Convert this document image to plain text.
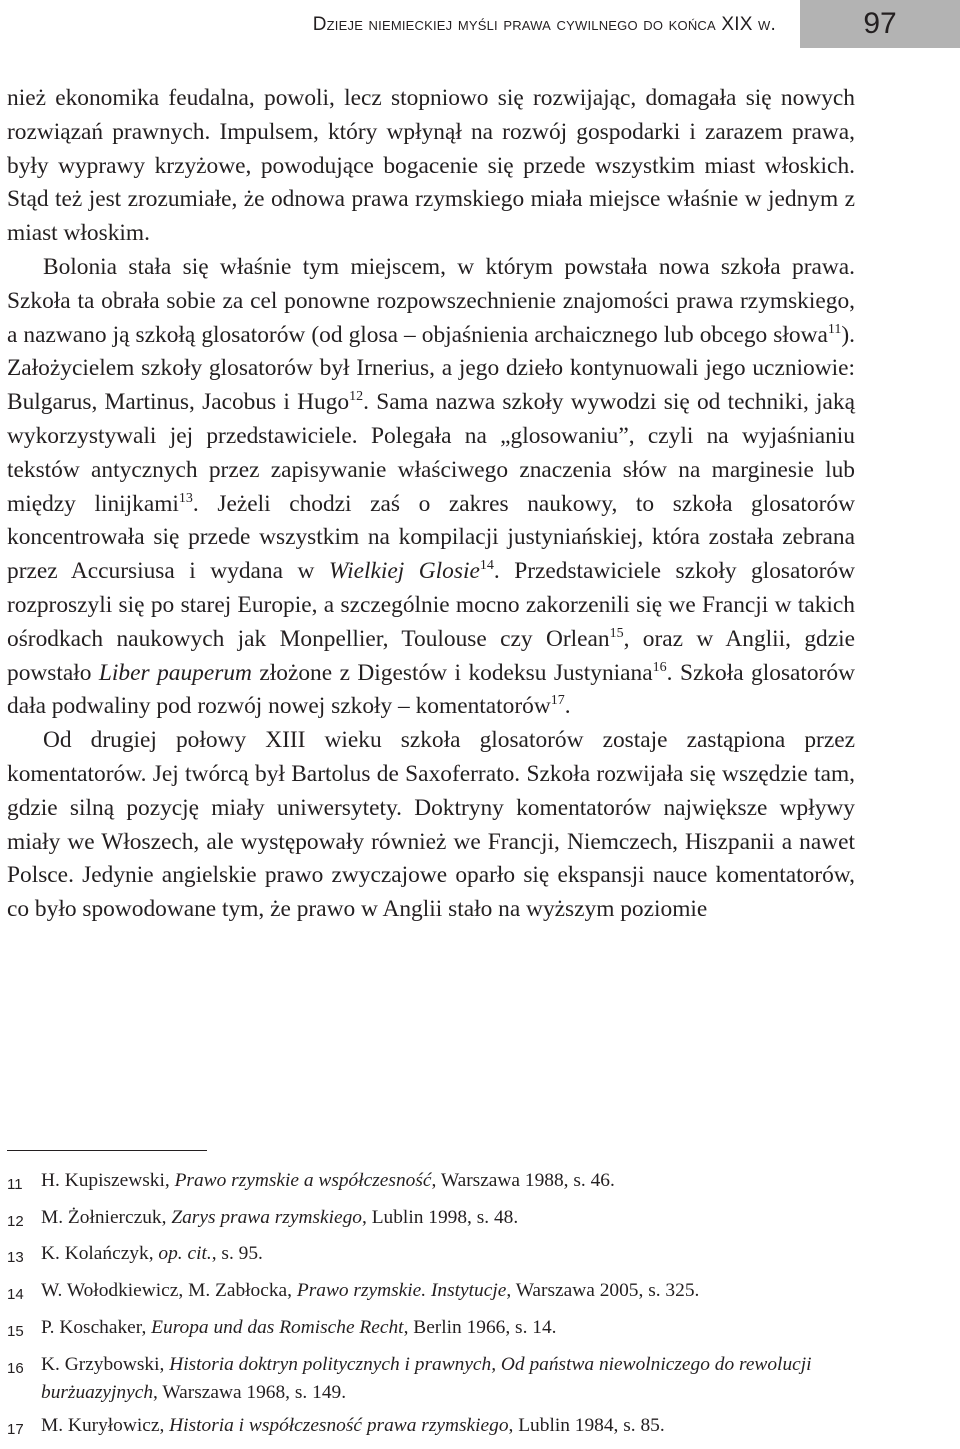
Dzieje niemieckiej myśli prawa cywilnego do końca XIX w.	97

nież ekonomika feudalna, powoli, lecz stopniowo się rozwijając, domagała się nowych rozwiązań prawnych. Impulsem, który wpłynął na rozwój gospodarki i zarazem prawa, były wyprawy krzyżowe, powodujące bogacenie się przede wszystkim miast włoskich. Stąd też jest zrozumiałe, że odnowa prawa rzymskiego miała miejsce właśnie w jednym z miast włoskim.

Bolonia stała się właśnie tym miejscem, w którym powstała nowa szkoła prawa. Szkoła ta obrała sobie za cel ponowne rozpowszechnienie znajomości prawa rzymskiego, a nazwano ją szkołą glosatorów (od glosa – objaśnienia archaicznego lub obcego słowa$^{11}$). Założycielem szkoły glosatorów był Irnerius, a jego dzieło kontynuowali jego uczniowie: Bulgarus, Martinus, Jacobus i Hugo$^{12}$. Sama nazwa szkoły wywodzi się od techniki, jaką wykorzystywali jej przedstawiciele. Polegała na „glosowaniu”, czyli na wyjaśnianiu tekstów antycznych przez zapisywanie właściwego znaczenia słów na marginesie lub między linijkami$^{13}$. Jeżeli chodzi zaś o zakres naukowy, to szkoła glosatorów koncentrowała się przede wszystkim na kompilacji justyniańskiej, która została zebrana przez Accursiusa i wydana w Wielkiej Glosie$^{14}$. Przedstawiciele szkoły glosatorów rozproszyli się po starej Europie, a szczególnie mocno zakorzenili się we Francji w takich ośrodkach naukowych jak Monpellier, Toulouse czy Orlean$^{15}$, oraz w Anglii, gdzie powstało Liber pauperum złożone z Digestów i kodeksu Justyniana$^{16}$. Szkoła glosatorów dała podwaliny pod rozwój nowej szkoły – komentatorów$^{17}$.

Od drugiej połowy XIII wieku szkoła glosatorów zostaje zastąpiona przez komentatorów. Jej twórcą był Bartolus de Saxoferrato. Szkoła rozwijała się wszędzie tam, gdzie silną pozycję miały uniwersytety. Doktryny komentatorów największe wpływy miały we Włoszech, ale występowały również we Francji, Niemczech, Hiszpanii a nawet Polsce. Jedynie angielskie prawo zwyczajowe oparło się ekspansji nauce komentatorów, co było spowodowane tym, że prawo w Anglii stało na wyższym poziomie

11 H. Kupiszewski, Prawo rzymskie a współczesność, Warszawa 1988, s. 46.
12 M. Żołnierczuk, Zarys prawa rzymskiego, Lublin 1998, s. 48.
13 K. Kolańczyk, op. cit., s. 95.
14 W. Wołodkiewicz, M. Zabłocka, Prawo rzymskie. Instytucje, Warszawa 2005, s. 325.
15 P. Koschaker, Europa und das Romische Recht, Berlin 1966, s. 14.
16 K. Grzybowski, Historia doktryn politycznych i prawnych, Od państwa niewolniczego do rewolucji burżuazyjnych, Warszawa 1968, s. 149.
17 M. Kuryłowicz, Historia i współczesność prawa rzymskiego, Lublin 1984, s. 85.
